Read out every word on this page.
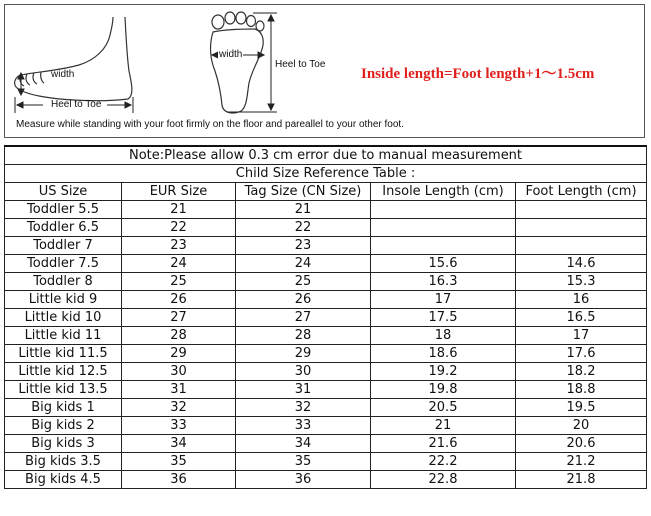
width
Heel to Toe
width
Heel to Toe
Inside length=Foot length+1～1.5cm
Measure while standing with your foot firmly on the floor and pareallel to your other foot.
Note:Please allow 0.3 cm error due to manual measurement				
Child Size Reference Table :				
US Size	EUR Size	Tag Size (CN Size)	Insole Length (cm)	Foot Length (cm)
Toddler 5.5	21	21		
Toddler 6.5	22	22		
Toddler 7	23	23		
Toddler 7.5	24	24	15.6	14.6
Toddler 8	25	25	16.3	15.3
Little kid 9	26	26	17	16
Little kid 10	27	27	17.5	16.5
Little kid 11	28	28	18	17
Little kid 11.5	29	29	18.6	17.6
Little kid 12.5	30	30	19.2	18.2
Little kid 13.5	31	31	19.8	18.8
Big kids 1	32	32	20.5	19.5
Big kids 2	33	33	21	20
Big kids 3	34	34	21.6	20.6
Big kids 3.5	35	35	22.2	21.2
Big kids 4.5	36	36	22.8	21.8
